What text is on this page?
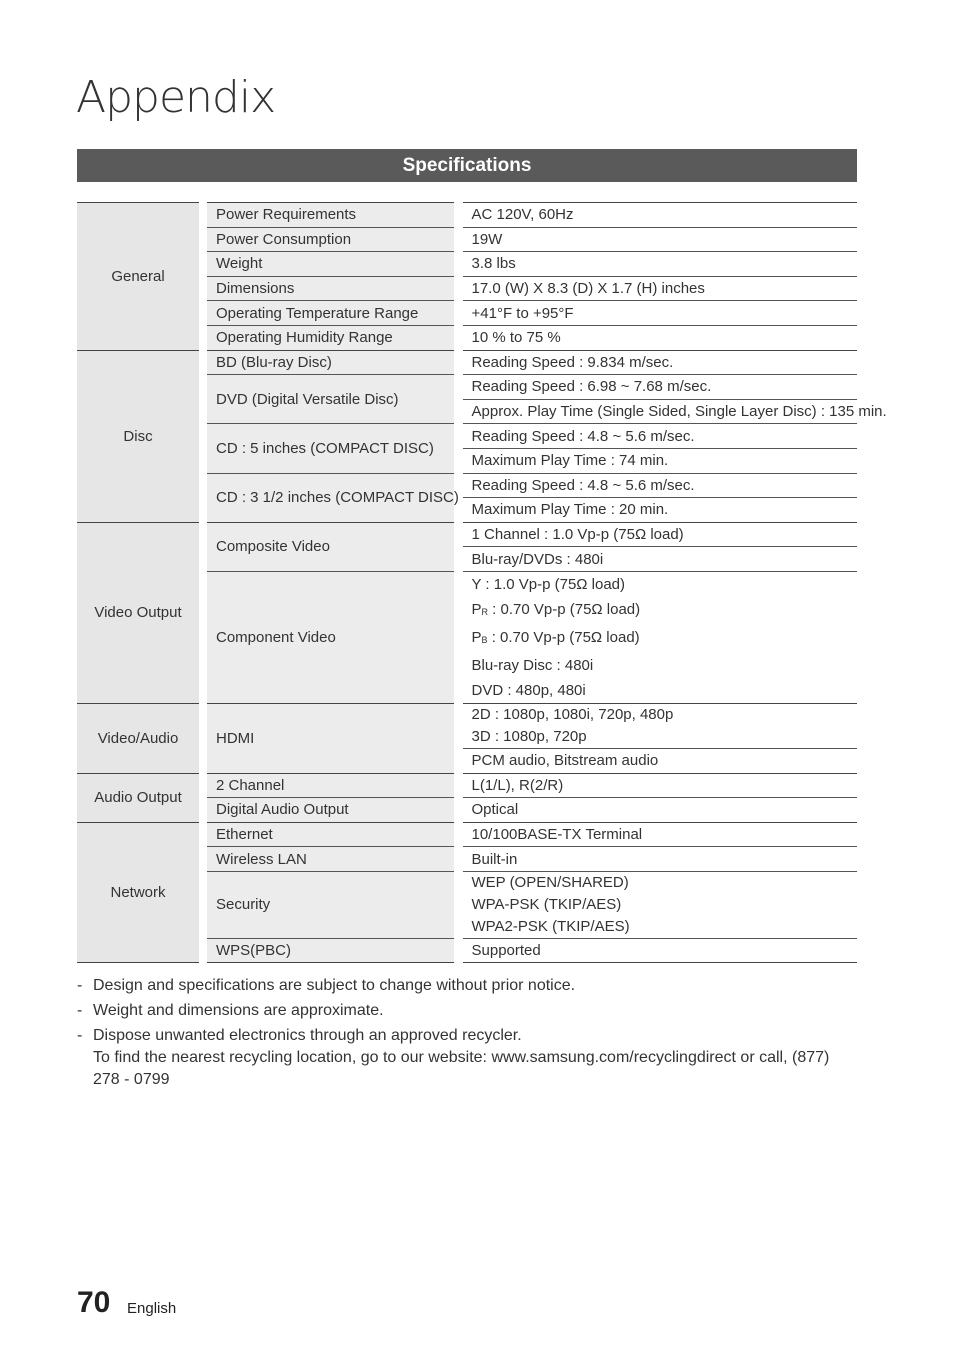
Appendix
Specifications
General	Power Requirements	AC 120V, 60Hz
	Power Consumption	19W
	Weight	3.8 lbs
	Dimensions	17.0 (W) X 8.3 (D) X 1.7 (H) inches
	Operating Temperature Range	+41°F to +95°F
	Operating Humidity Range	10 % to 75 %
Disc	BD (Blu-ray Disc)	Reading Speed : 9.834 m/sec.
	DVD (Digital Versatile Disc)	Reading Speed : 6.98 ~ 7.68 m/sec.
		Approx. Play Time (Single Sided, Single Layer Disc) : 135 min.
	CD : 5 inches (COMPACT DISC)	Reading Speed : 4.8 ~ 5.6 m/sec.
		Maximum Play Time : 74 min.
	CD : 3 1/2 inches (COMPACT DISC)	Reading Speed : 4.8 ~ 5.6 m/sec.
		Maximum Play Time : 20 min.
Video Output	Composite Video	1 Channel : 1.0 Vp-p (75Ω load)
		Blu-ray/DVDs : 480i
	Component Video	Y : 1.0 Vp-p (75Ω load)
PR : 0.70 Vp-p (75Ω load)
PB : 0.70 Vp-p (75Ω load)
Blu-ray Disc : 480i
DVD : 480p, 480i

Video/Audio	HDMI	2D : 1080p, 1080i, 720p, 480p
3D : 1080p, 720p

		PCM audio, Bitstream audio
Audio Output	2 Channel	L(1/L), R(2/R)
	Digital Audio Output	Optical
Network	Ethernet	10/100BASE-TX Terminal
	Wireless LAN	Built-in
	Security	WEP (OPEN/SHARED)
WPA-PSK (TKIP/AES)
WPA2-PSK (TKIP/AES)

	WPS(PBC)	Supported
- Design and specifications are subject to change without prior notice.
- Weight and dimensions are approximate.
- Dispose unwanted electronics through an approved recycler.
To find the nearest recycling location, go to our website: www.samsung.com/recyclingdirect or call, (877) 278 - 0799
70 English
